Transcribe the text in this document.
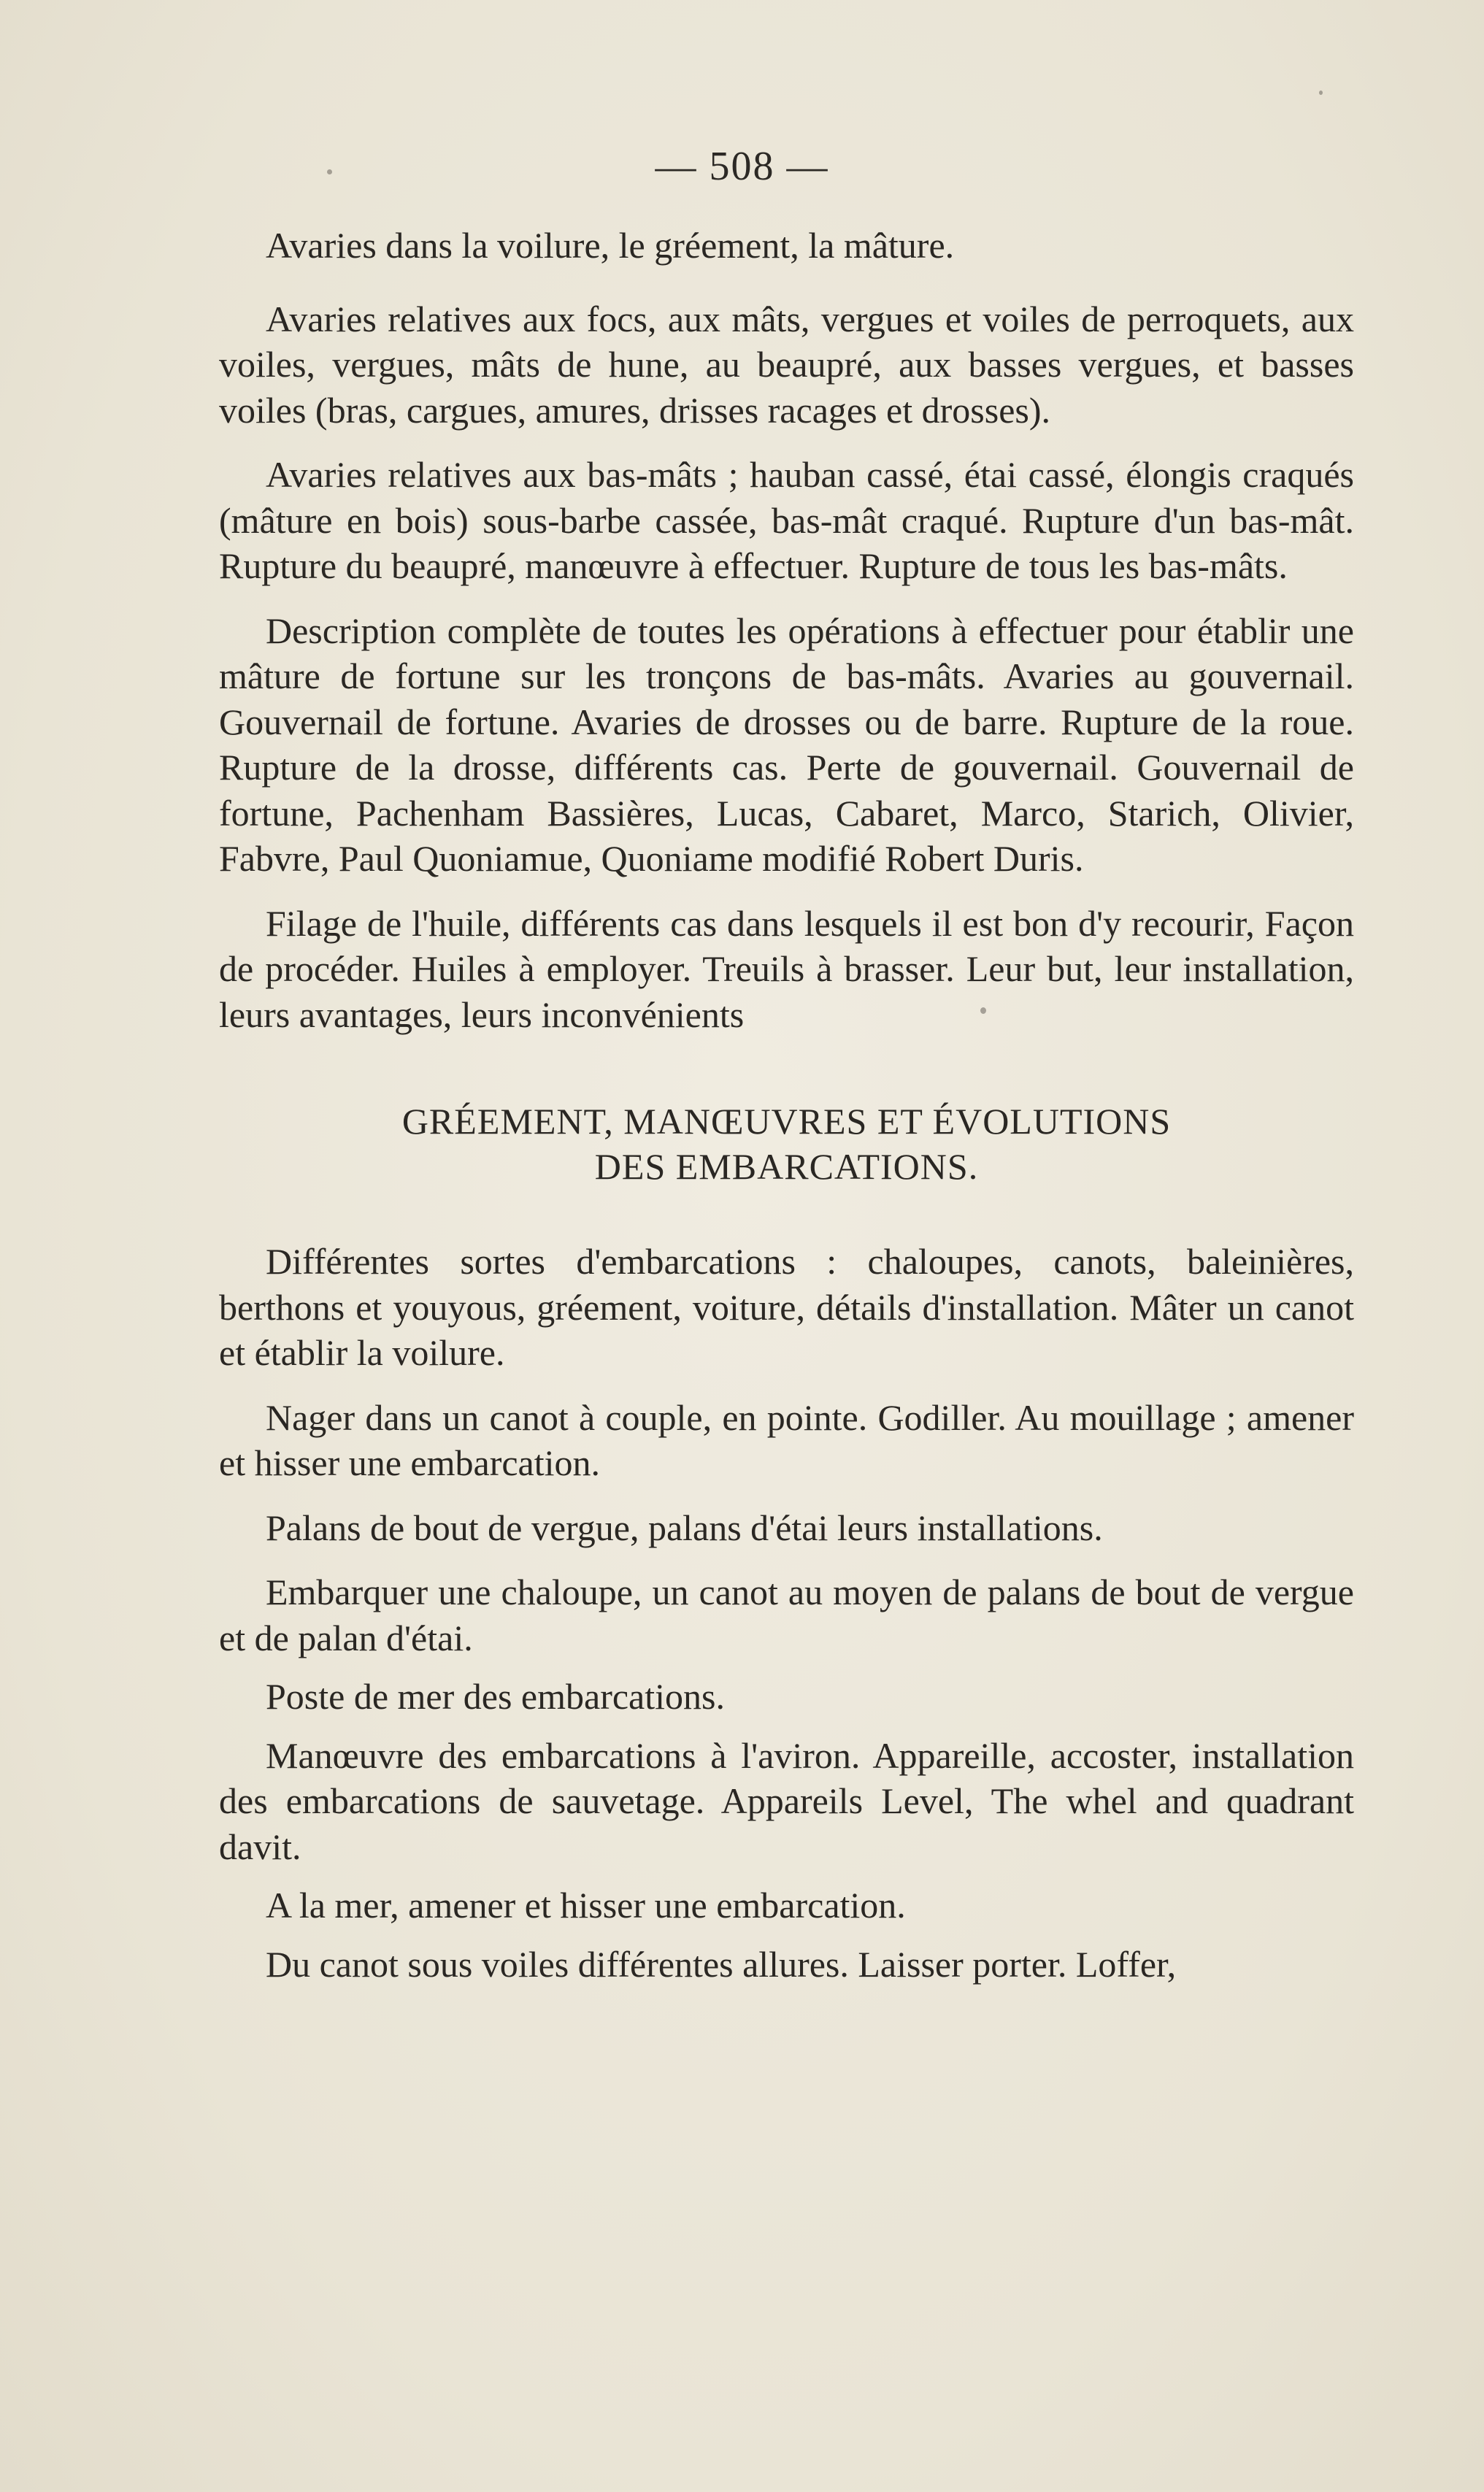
— 508 —

Avaries dans la voilure, le gréement, la mâture.

Avaries relatives aux focs, aux mâts, vergues et voiles de perroquets, aux voiles, vergues, mâts de hune, au beaupré, aux basses vergues, et basses voiles (bras, cargues, amures, drisses racages et drosses).

Avaries relatives aux bas-mâts ; hauban cassé, étai cassé, élongis craqués (mâture en bois) sous-barbe cassée, bas-mât craqué. Rupture d'un bas-mât. Rupture du beaupré, manœuvre à effectuer. Rupture de tous les bas-mâts.

Description complète de toutes les opérations à effectuer pour établir une mâture de fortune sur les tronçons de bas-mâts. Avaries au gouvernail. Gouvernail de fortune. Avaries de drosses ou de barre. Rupture de la roue. Rupture de la drosse, différents cas. Perte de gouvernail. Gouvernail de fortune, Pachenham Bassières, Lucas, Cabaret, Marco, Starich, Olivier, Fabvre, Paul Quoniamue, Quoniame modifié Robert Duris.

Filage de l'huile, différents cas dans lesquels il est bon d'y recourir, Façon de procéder. Huiles à employer. Treuils à brasser. Leur but, leur installation, leurs avantages, leurs inconvénients

GRÉEMENT, MANŒUVRES ET ÉVOLUTIONS
DES EMBARCATIONS.

Différentes sortes d'embarcations : chaloupes, canots, baleinières, berthons et youyous, gréement, voiture, détails d'installation. Mâter un canot et établir la voilure.

Nager dans un canot à couple, en pointe. Godiller. Au mouillage ; amener et hisser une embarcation.

Palans de bout de vergue, palans d'étai leurs installations.

Embarquer une chaloupe, un canot au moyen de palans de bout de vergue et de palan d'étai.

Poste de mer des embarcations.

Manœuvre des embarcations à l'aviron. Appareille, accoster, installation des embarcations de sauvetage. Appareils Level, The whel and quadrant davit.

A la mer, amener et hisser une embarcation.

Du canot sous voiles différentes allures. Laisser porter. Loffer,
